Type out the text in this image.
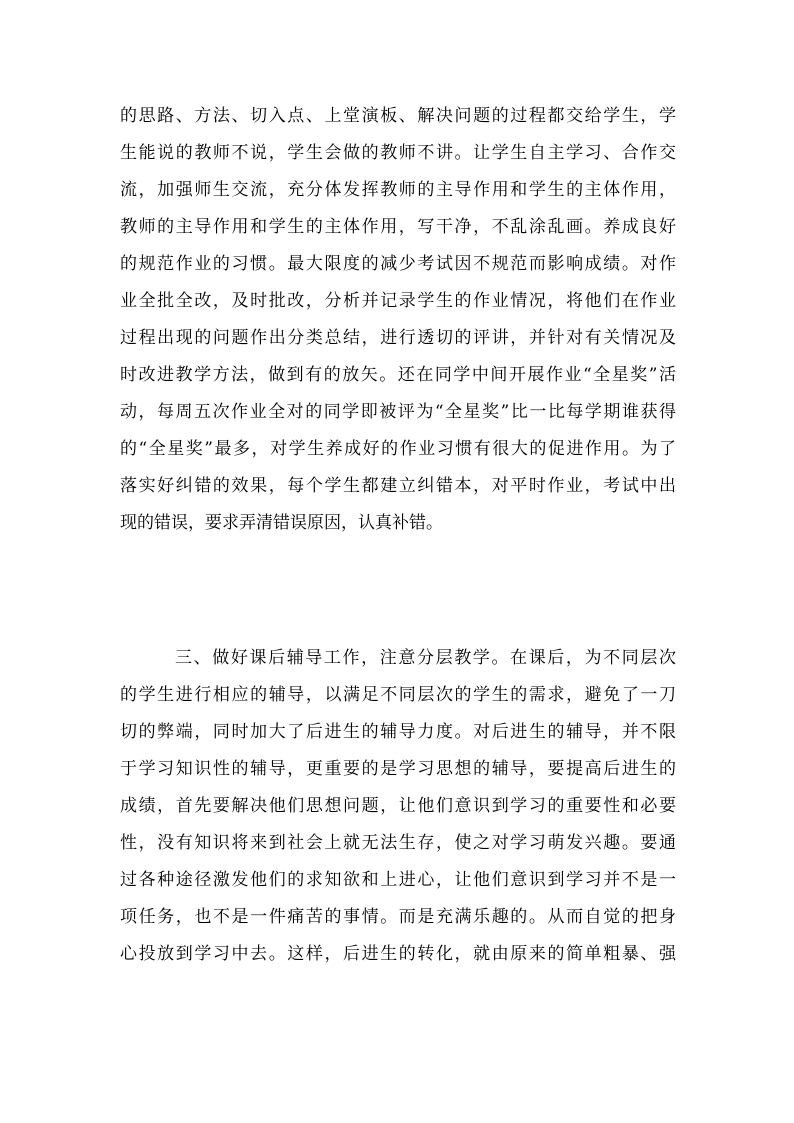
的思路、方法、切入点、上堂演板、解决问题的过程都交给学生，学
生能说的教师不说，学生会做的教师不讲。让学生自主学习、合作交
流，加强师生交流，充分体发挥教师的主导作用和学生的主体作用，
教师的主导作用和学生的主体作用，写干净，不乱涂乱画。养成良好
的规范作业的习惯。最大限度的减少考试因不规范而影响成绩。对作
业全批全改，及时批改，分析并记录学生的作业情况，将他们在作业
过程出现的问题作出分类总结，进行透切的评讲，并针对有关情况及
时改进教学方法，做到有的放矢。还在同学中间开展作业“全星奖”活
动，每周五次作业全对的同学即被评为“全星奖”比一比每学期谁获得
的“全星奖”最多，对学生养成好的作业习惯有很大的促进作用。为了
落实好纠错的效果，每个学生都建立纠错本，对平时作业，考试中出
现的错误，要求弄清错误原因，认真补错。
三、做好课后辅导工作，注意分层教学。在课后，为不同层次
的学生进行相应的辅导，以满足不同层次的学生的需求，避免了一刀
切的弊端，同时加大了后进生的辅导力度。对后进生的辅导，并不限
于学习知识性的辅导，更重要的是学习思想的辅导，要提高后进生的
成绩，首先要解决他们思想问题，让他们意识到学习的重要性和必要
性，没有知识将来到社会上就无法生存，使之对学习萌发兴趣。要通
过各种途径激发他们的求知欲和上进心，让他们意识到学习并不是一
项任务，也不是一件痛苦的事情。而是充满乐趣的。从而自觉的把身
心投放到学习中去。这样，后进生的转化，就由原来的简单粗暴、强
